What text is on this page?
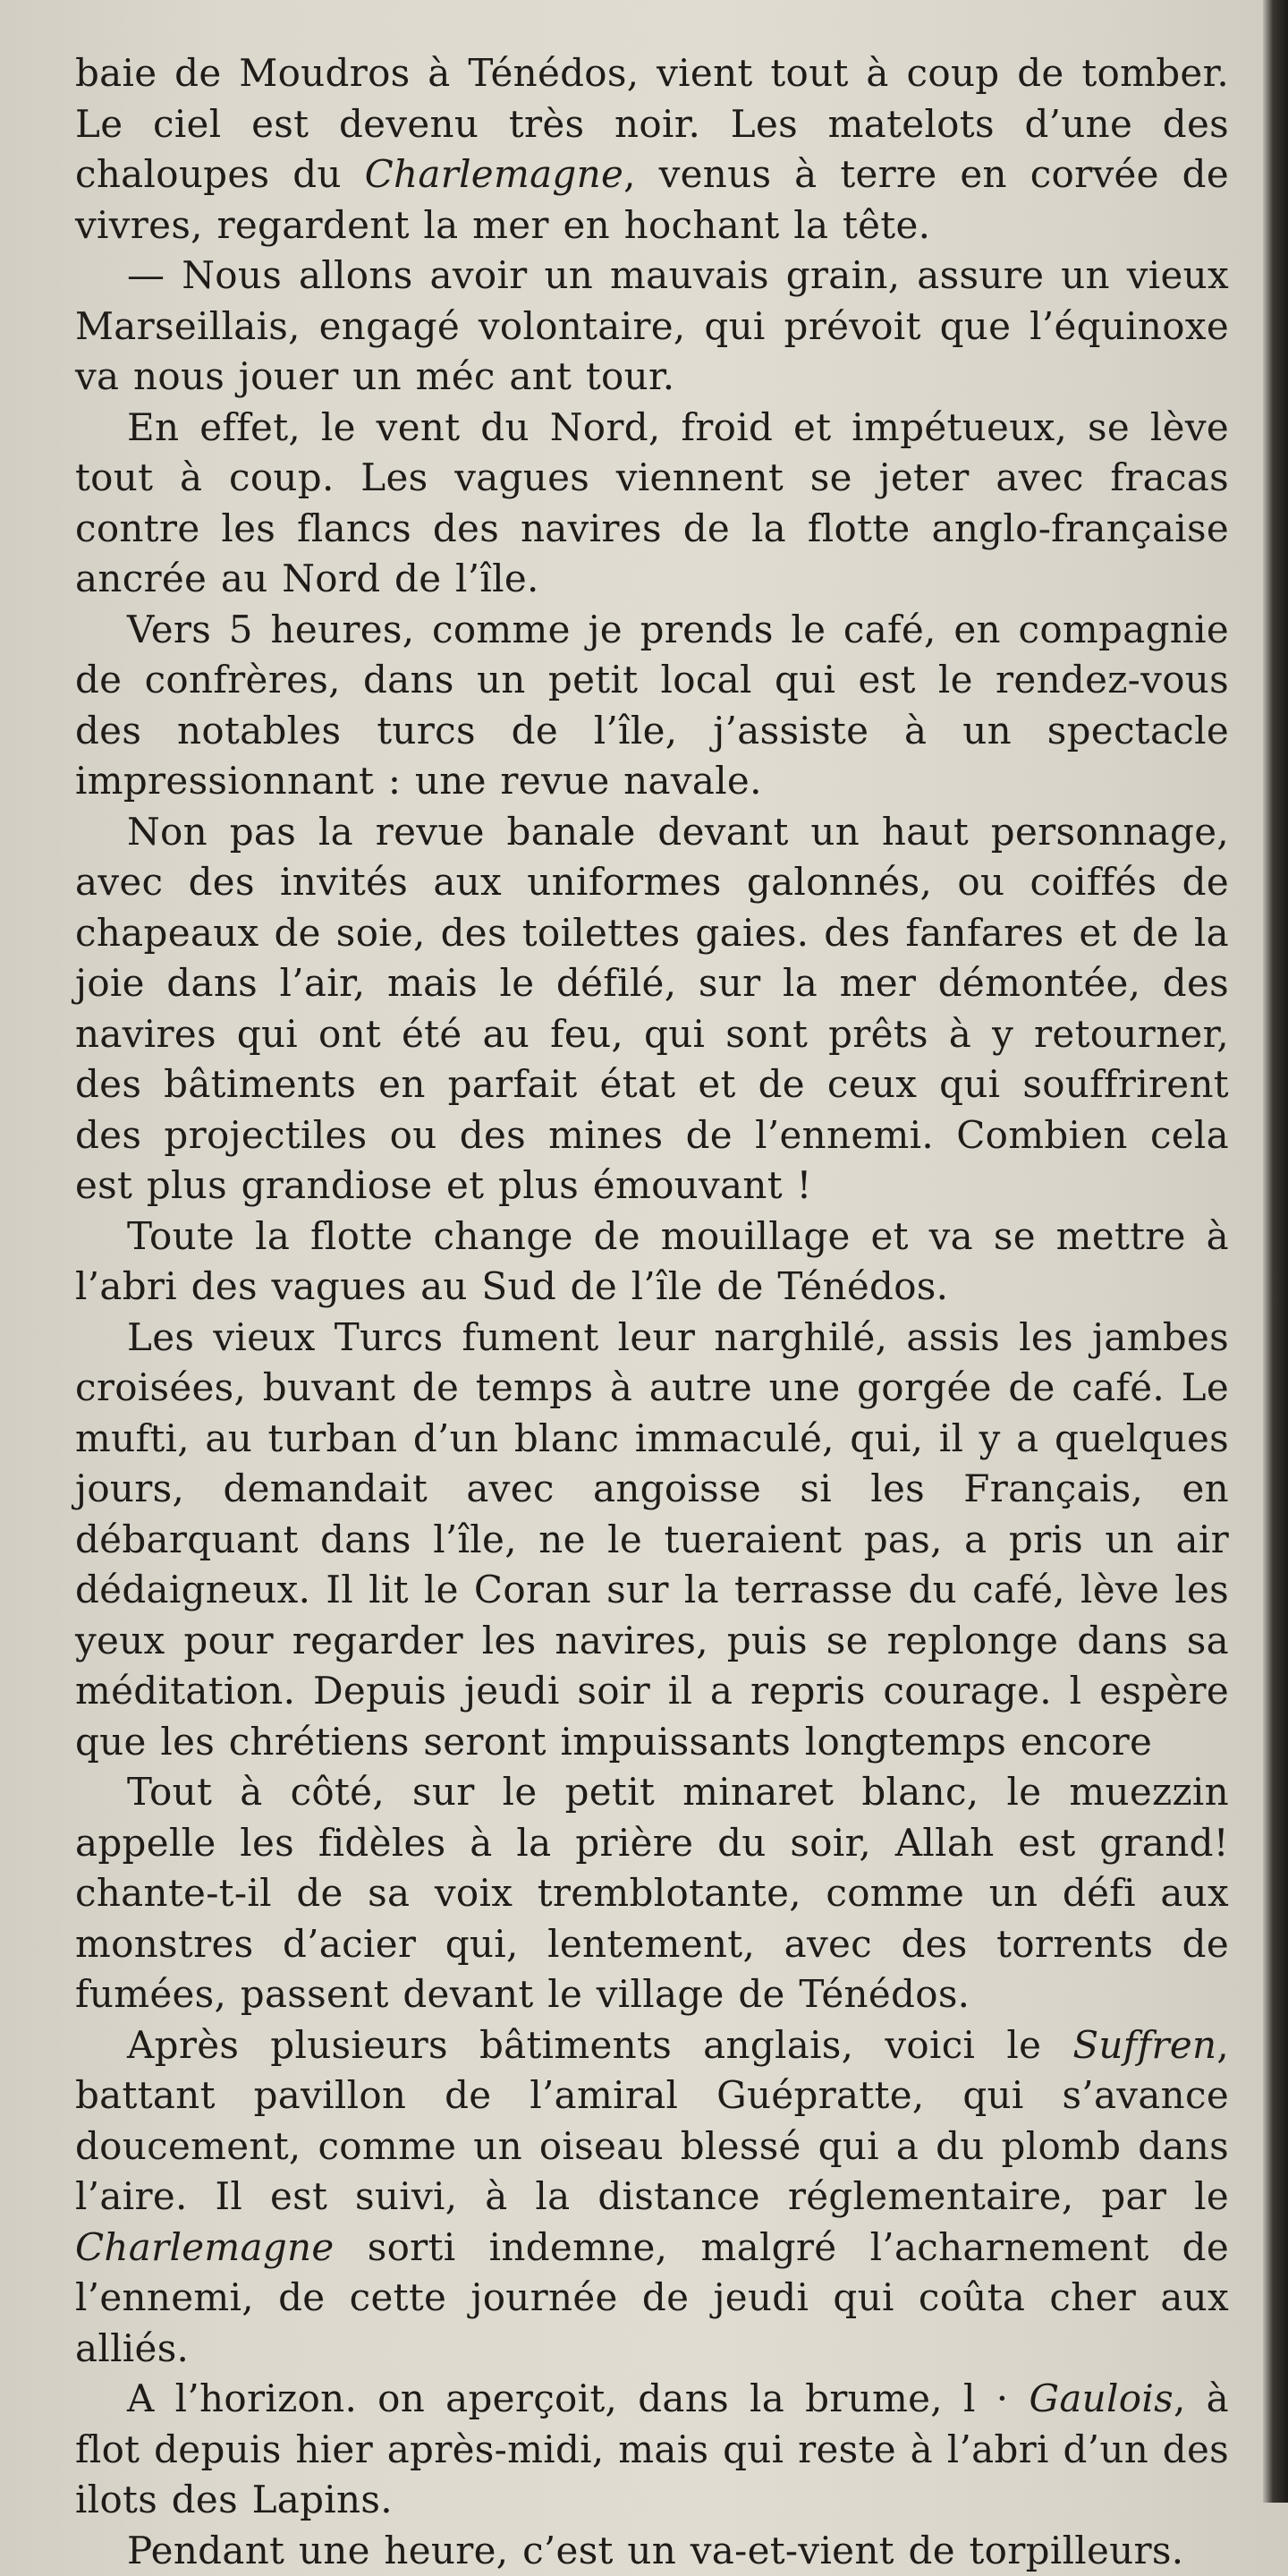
baie de Moudros à Ténédos, vient tout à coup de tomber. Le ciel est devenu très noir. Les matelots d’une des chaloupes du Charlemagne, venus à terre en corvée de vivres, regardent la mer en hochant la tête.

— Nous allons avoir un mauvais grain, assure un vieux Marseillais, engagé volontaire, qui prévoit que l’équinoxe va nous jouer un méc ant tour.

En effet, le vent du Nord, froid et impétueux, se lève tout à coup. Les vagues viennent se jeter avec fracas contre les flancs des navires de la flotte anglo-française ancrée au Nord de l’île.

Vers 5 heures, comme je prends le café, en compagnie de confrères, dans un petit local qui est le rendez-vous des notables turcs de l’île, j’assiste à un spectacle impressionnant : une revue navale.

Non pas la revue banale devant un haut personnage, avec des invités aux uniformes galonnés, ou coiffés de chapeaux de soie, des toilettes gaies. des fanfares et de la joie dans l’air, mais le défilé, sur la mer démontée, des navires qui ont été au feu, qui sont prêts à y retourner, des bâtiments en parfait état et de ceux qui souffrirent des projectiles ou des mines de l’ennemi. Combien cela est plus grandiose et plus émouvant !

Toute la flotte change de mouillage et va se mettre à l’abri des vagues au Sud de l’île de Ténédos.

Les vieux Turcs fument leur narghilé, assis les jambes croisées, buvant de temps à autre une gorgée de café. Le mufti, au turban d’un blanc immaculé, qui, il y a quelques jours, demandait avec angoisse si les Français, en débarquant dans l’île, ne le tueraient pas, a pris un air dédaigneux. Il lit le Coran sur la terrasse du café, lève les yeux pour regarder les navires, puis se replonge dans sa méditation. Depuis jeudi soir il a repris courage. l espère que les chrétiens seront impuissants longtemps encore

Tout à côté, sur le petit minaret blanc, le muezzin appelle les fidèles à la prière du soir, Allah est grand! chante-t-il de sa voix tremblotante, comme un défi aux monstres d’acier qui, lentement, avec des torrents de fumées, passent devant le village de Ténédos.

Après plusieurs bâtiments anglais, voici le Suffren, battant pavillon de l’amiral Guépratte, qui s’avance doucement, comme un oiseau blessé qui a du plomb dans l’aire. Il est suivi, à la distance réglementaire, par le Charlemagne sorti indemne, malgré l’acharnement de l’ennemi, de cette journée de jeudi qui coûta cher aux alliés.

A l’horizon. on aperçoit, dans la brume, l · Gaulois, à flot depuis hier après-midi, mais qui reste à l’abri d’un des ilots des Lapins.

Pendant une heure, c’est un va-et-vient de torpilleurs.
